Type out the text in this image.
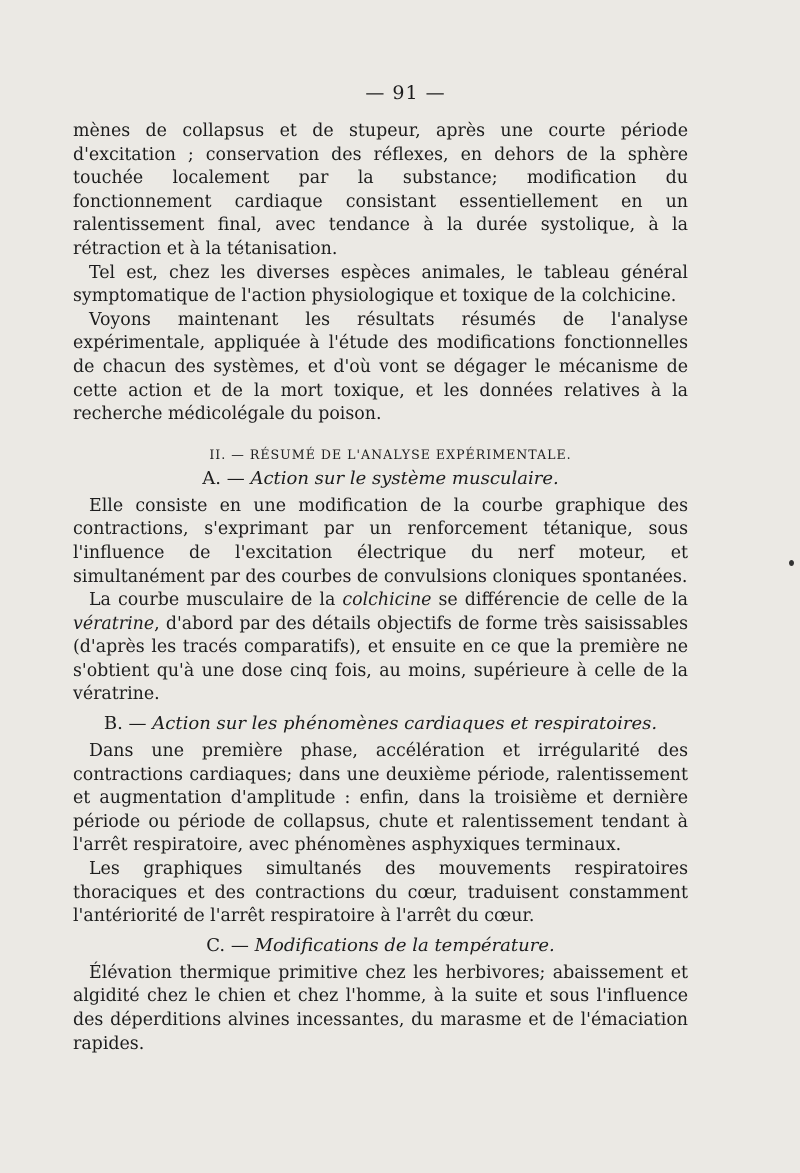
— 91 —

mènes de collapsus et de stupeur, après une courte période d'excitation ; conservation des réflexes, en dehors de la sphère touchée localement par la substance; modification du fonctionnement cardiaque consistant essentiellement en un ralentissement final, avec tendance à la durée systolique, à la rétraction et à la tétanisation.

Tel est, chez les diverses espèces animales, le tableau général symptomatique de l'action physiologique et toxique de la colchicine.

Voyons maintenant les résultats résumés de l'analyse expérimentale, appliquée à l'étude des modifications fonctionnelles de chacun des systèmes, et d'où vont se dégager le mécanisme de cette action et de la mort toxique, et les données relatives à la recherche médicolégale du poison.

II. — RÉSUMÉ DE L'ANALYSE EXPÉRIMENTALE.
A. — Action sur le système musculaire.

Elle consiste en une modification de la courbe graphique des contractions, s'exprimant par un renforcement tétanique, sous l'influence de l'excitation électrique du nerf moteur, et simultanément par des courbes de convulsions cloniques spontanées.

La courbe musculaire de la colchicine se différencie de celle de la vératrine, d'abord par des détails objectifs de forme très saisissables (d'après les tracés comparatifs), et ensuite en ce que la première ne s'obtient qu'à une dose cinq fois, au moins, supérieure à celle de la vératrine.

B. — Action sur les phénomènes cardiaques et respiratoires.

Dans une première phase, accélération et irrégularité des contractions cardiaques; dans une deuxième période, ralentissement et augmentation d'amplitude : enfin, dans la troisième et dernière période ou période de collapsus, chute et ralentissement tendant à l'arrêt respiratoire, avec phénomènes asphyxiques terminaux.

Les graphiques simultanés des mouvements respiratoires thoraciques et des contractions du cœur, traduisent constamment l'antériorité de l'arrêt respiratoire à l'arrêt du cœur.

C. — Modifications de la température.

Élévation thermique primitive chez les herbivores; abaissement et algidité chez le chien et chez l'homme, à la suite et sous l'influence des déperditions alvines incessantes, du marasme et de l'émaciation rapides.
